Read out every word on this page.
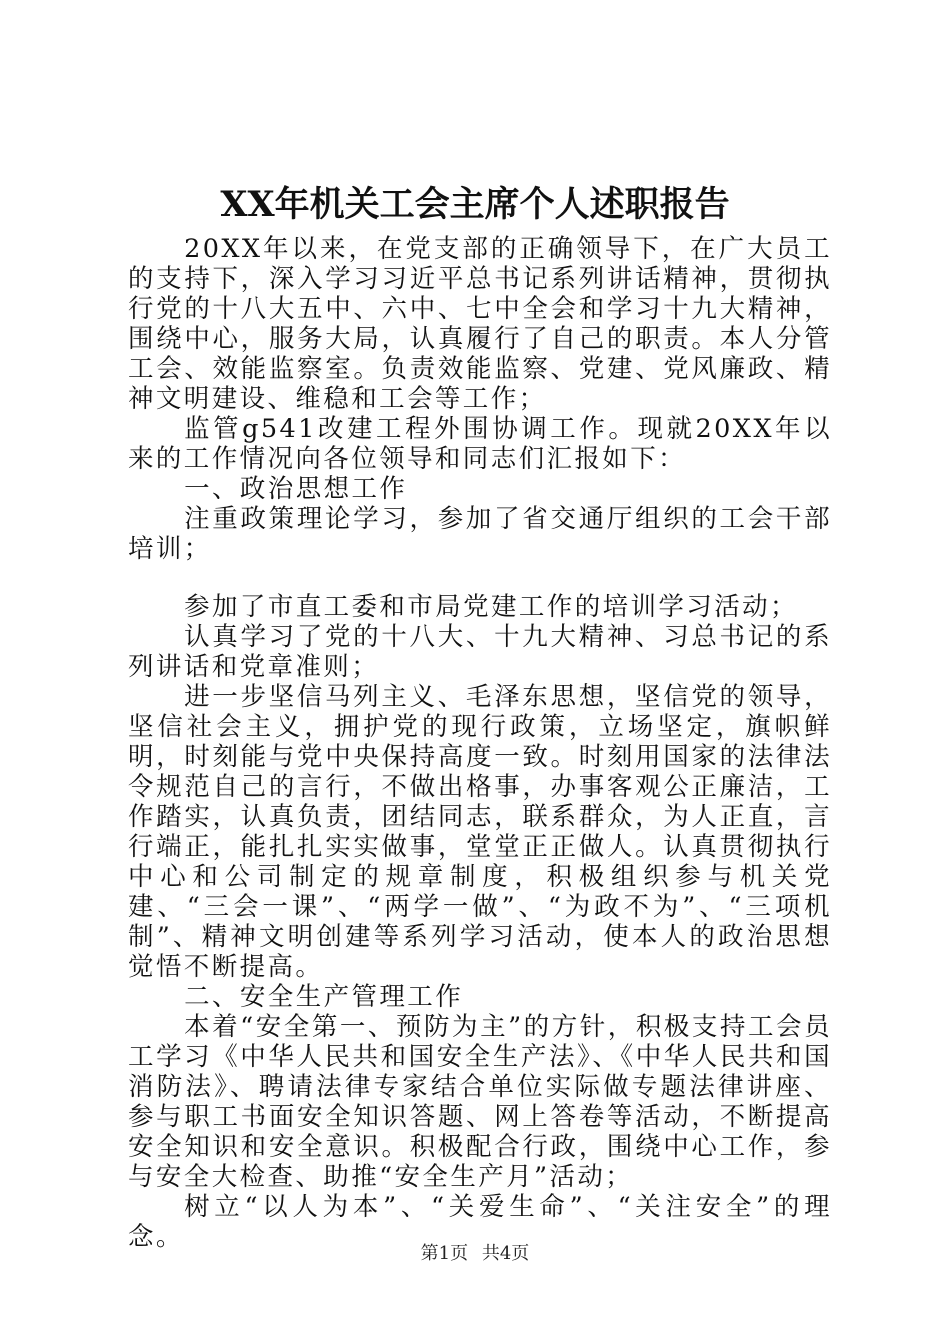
XX年机关工会主席个人述职报告

20XX年以来，在党支部的正确领导下，在广大员工的支持下，深入学习习近平总书记系列讲话精神，贯彻执行党的十八大五中、六中、七中全会和学习十九大精神，围绕中心，服务大局，认真履行了自己的职责。本人分管工会、效能监察室。负责效能监察、党建、党风廉政、精神文明建设、维稳和工会等工作；

监管g541改建工程外围协调工作。现就20XX年以来的工作情况向各位领导和同志们汇报如下：

一、政治思想工作

注重政策理论学习，参加了省交通厅组织的工会干部培训；

参加了市直工委和市局党建工作的培训学习活动；

认真学习了党的十八大、十九大精神、习总书记的系列讲话和党章准则；

进一步坚信马列主义、毛泽东思想，坚信党的领导，坚信社会主义，拥护党的现行政策，立场坚定，旗帜鲜明，时刻能与党中央保持高度一致。时刻用国家的法律法令规范自己的言行，不做出格事，办事客观公正廉洁，工作踏实，认真负责，团结同志，联系群众，为人正直，言行端正，能扎扎实实做事，堂堂正正做人。认真贯彻执行中心和公司制定的规章制度，积极组织参与机关党建、“三会一课”、“两学一做”、“为政不为”、“三项机制”、精神文明创建等系列学习活动，使本人的政治思想觉悟不断提高。

二、安全生产管理工作

本着“安全第一、预防为主”的方针，积极支持工会员工学习《中华人民共和国安全生产法》、《中华人民共和国消防法》、聘请法律专家结合单位实际做专题法律讲座、参与职工书面安全知识答题、网上答卷等活动，不断提高安全知识和安全意识。积极配合行政，围绕中心工作，参与安全大检查、助推“安全生产月”活动；

树立“以人为本”、“关爱生命”、“关注安全”的理念。

第1页 共4页
